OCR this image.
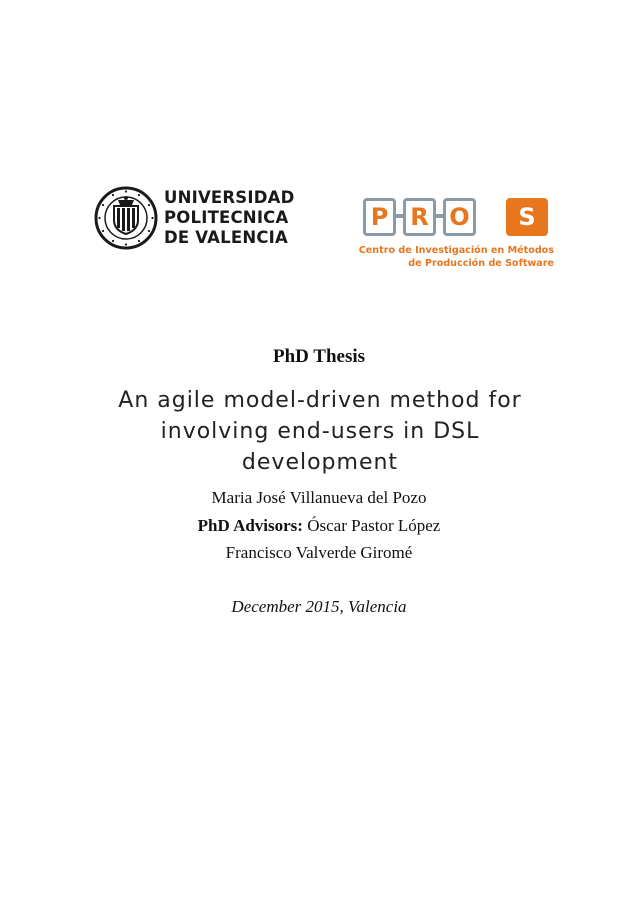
UNIVERSIDAD
POLITECNICA
DE VALENCIA
P R O	S
Centro de Investigación en Métodos
de Producción de Software
PhD Thesis
An agile model-driven method for
involving end-users in DSL
development
Maria José Villanueva del Pozo
PhD Advisors: Óscar Pastor López
Francisco Valverde Giromé
December 2015, Valencia
